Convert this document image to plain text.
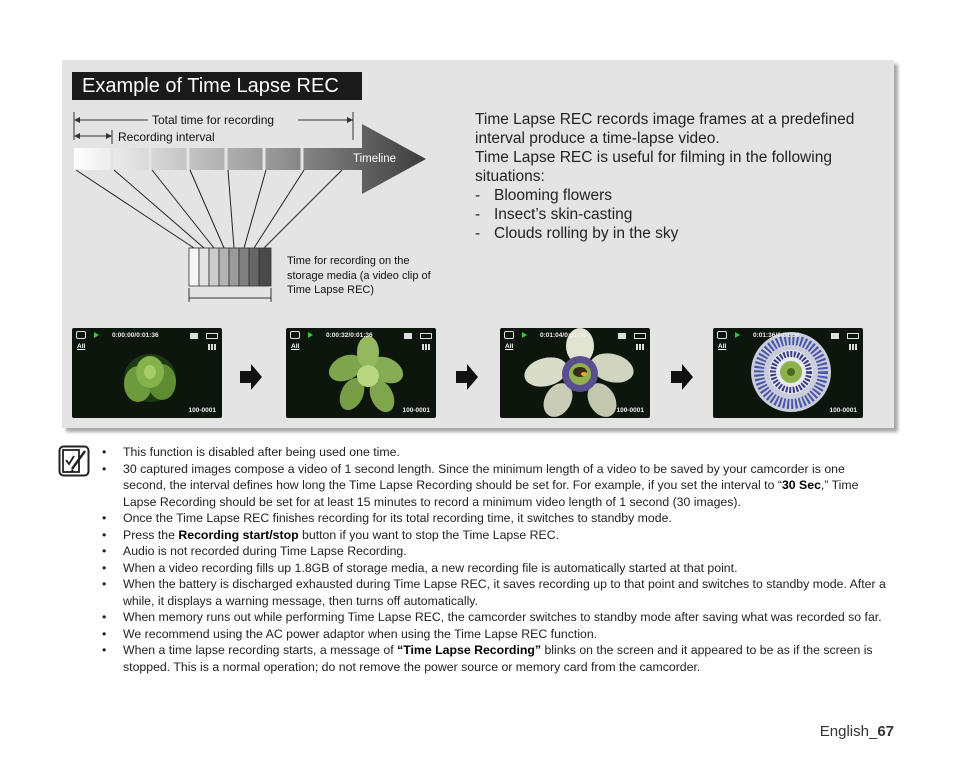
Example of Time Lapse REC
Total time for recording
Recording interval
Timeline
Time for recording on the storage media (a video clip of Time Lapse REC)

Time Lapse REC records image frames at a predefined interval produce a time-lapse video.

Time Lapse REC is useful for filming in the following situations:

- Blooming flowers
- Insect’s skin-casting
- Clouds rolling by in the sky
0:00:00/0:01:36
All
100-0001
0:00:32/0:01:36
All
100-0001
0:01:04/0:01:36
All
100-0001
0:01:36/0:01:36
All
100-0001
• This function is disabled after being used one time.
• 30 captured images compose a video of 1 second length. Since the minimum length of a video to be saved by your camcorder is one second, the interval defines how long the Time Lapse Recording should be set for. For example, if you set the interval to “30 Sec,” Time Lapse Recording should be set for at least 15 minutes to record a minimum video length of 1 second (30 images).
• Once the Time Lapse REC finishes recording for its total recording time, it switches to standby mode.
• Press the Recording start/stop button if you want to stop the Time Lapse REC.
• Audio is not recorded during Time Lapse Recording.
• When a video recording fills up 1.8GB of storage media, a new recording file is automatically started at that point.
• When the battery is discharged exhausted during Time Lapse REC, it saves recording up to that point and switches to standby mode. After a while, it displays a warning message, then turns off automatically.
• When memory runs out while performing Time Lapse REC, the camcorder switches to standby mode after saving what was recorded so far.
• We recommend using the AC power adaptor when using the Time Lapse REC function.
• When a time lapse recording starts, a message of “Time Lapse Recording” blinks on the screen and it appeared to be as if the screen is stopped. This is a normal operation; do not remove the power source or memory card from the camcorder.
English_67
